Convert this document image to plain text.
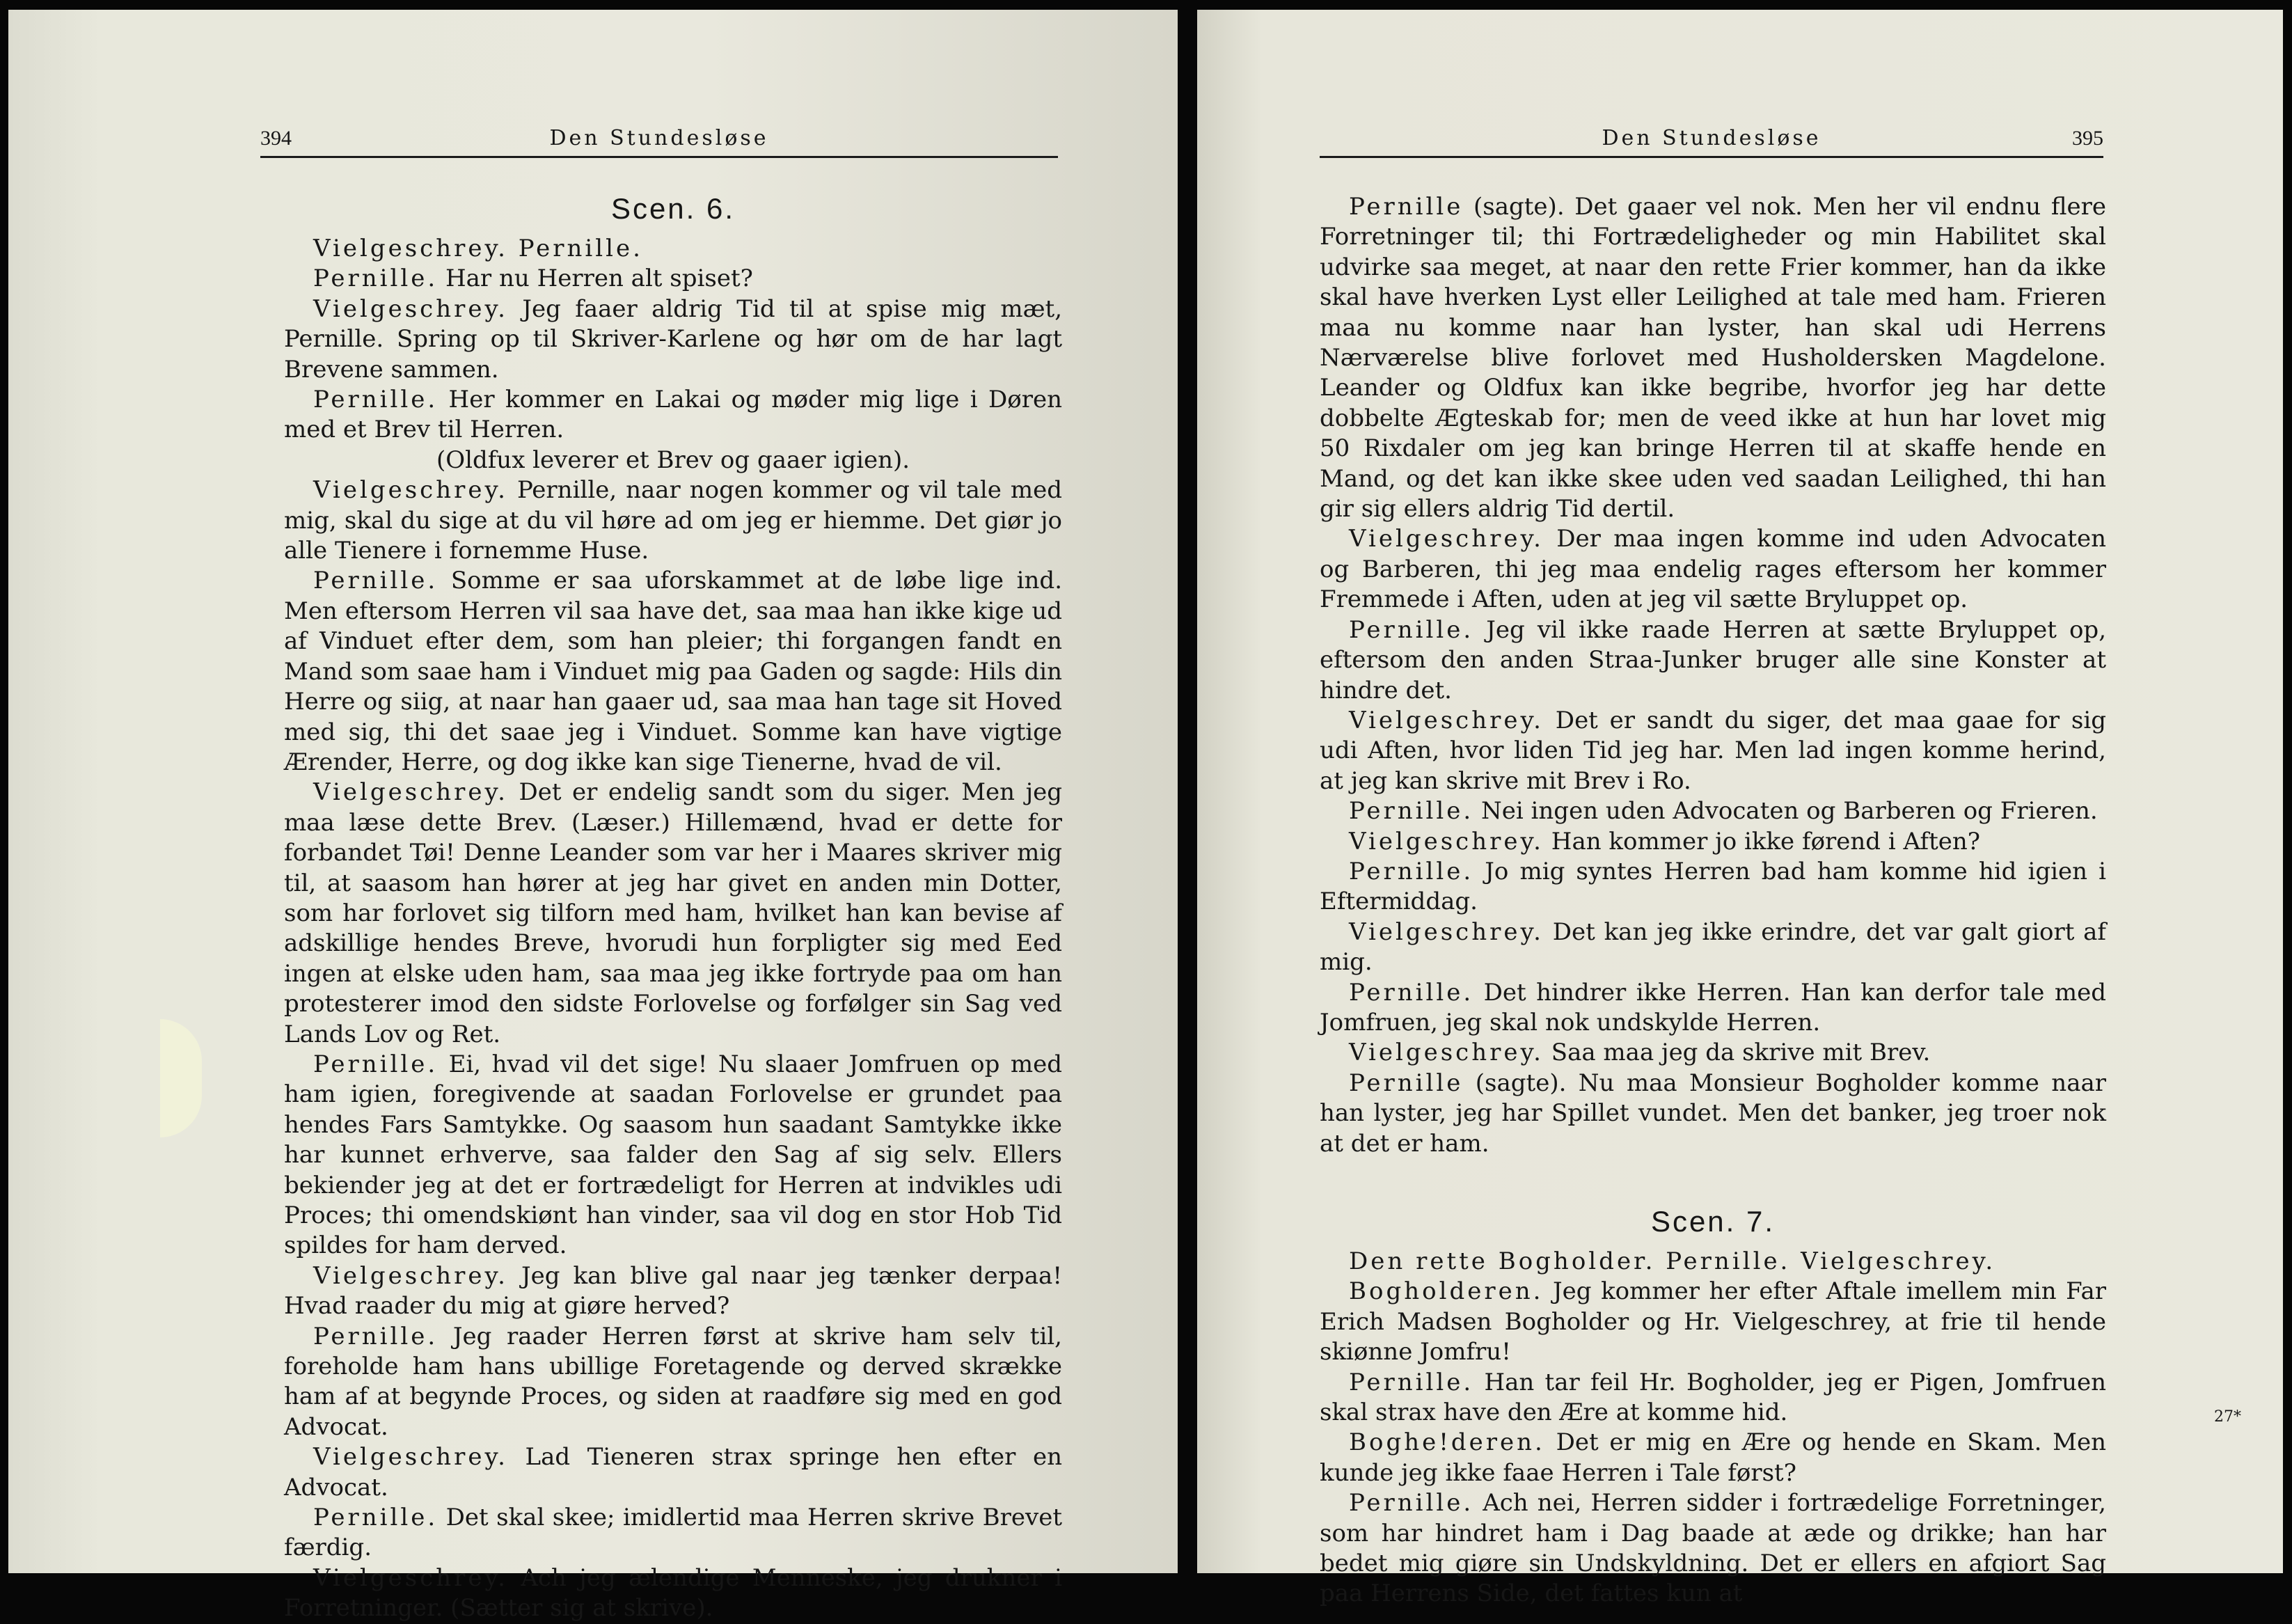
394	Den Stundesløse
Scen. 6.

Vielgeschrey. Pernille.

Pernille. Har nu Herren alt spiset?

Vielgeschrey. Jeg faaer aldrig Tid til at spise mig mæt, Pernille. Spring op til Skriver-Karlene og hør om de har lagt Brevene sammen.

Pernille. Her kommer en Lakai og møder mig lige i Døren med et Brev til Herren.

(Oldfux leverer et Brev og gaaer igien).

Vielgeschrey. Pernille, naar nogen kommer og vil tale med mig, skal du sige at du vil høre ad om jeg er hiemme. Det giør jo alle Tienere i fornemme Huse.

Pernille. Somme er saa uforskammet at de løbe lige ind. Men eftersom Herren vil saa have det, saa maa han ikke kige ud af Vinduet efter dem, som han pleier; thi forgangen fandt en Mand som saae ham i Vinduet mig paa Gaden og sagde: Hils din Herre og siig, at naar han gaaer ud, saa maa han tage sit Hoved med sig, thi det saae jeg i Vinduet. Somme kan have vigtige Ærender, Herre, og dog ikke kan sige Tienerne, hvad de vil.

Vielgeschrey. Det er endelig sandt som du siger. Men jeg maa læse dette Brev. (Læser.) Hillemænd, hvad er dette for forbandet Tøi! Denne Leander som var her i Maares skriver mig til, at saasom han hører at jeg har givet en anden min Dotter, som har forlovet sig tilforn med ham, hvilket han kan bevise af adskillige hendes Breve, hvorudi hun forpligter sig med Eed ingen at elske uden ham, saa maa jeg ikke fortryde paa om han protesterer imod den sidste Forlovelse og forfølger sin Sag ved Lands Lov og Ret.

Pernille. Ei, hvad vil det sige! Nu slaaer Jomfruen op med ham igien, foregivende at saadan Forlovelse er grundet paa hendes Fars Samtykke. Og saasom hun saadant Samtykke ikke har kunnet erhverve, saa falder den Sag af sig selv. Ellers bekiender jeg at det er fortrædeligt for Herren at indvikles udi Proces; thi omendskiønt han vinder, saa vil dog en stor Hob Tid spildes for ham derved.

Vielgeschrey. Jeg kan blive gal naar jeg tænker derpaa! Hvad raader du mig at giøre herved?

Pernille. Jeg raader Herren først at skrive ham selv til, foreholde ham hans ubillige Foretagende og derved skrække ham af at begynde Proces, og siden at raadføre sig med en god Advocat.

Vielgeschrey. Lad Tieneren strax springe hen efter en Advocat.

Pernille. Det skal skee; imidlertid maa Herren skrive Brevet færdig.

Vielgeschrey. Ach jeg ælendige Menneske, jeg drukner i Forretninger. (Sætter sig at skrive).

Den Stundesløse	395

Pernille (sagte). Det gaaer vel nok. Men her vil endnu flere Forretninger til; thi Fortrædeligheder og min Habilitet skal udvirke saa meget, at naar den rette Frier kommer, han da ikke skal have hverken Lyst eller Leilighed at tale med ham. Frieren maa nu komme naar han lyster, han skal udi Herrens Nærværelse blive forlovet med Husholdersken Magdelone. Leander og Oldfux kan ikke begribe, hvorfor jeg har dette dobbelte Ægteskab for; men de veed ikke at hun har lovet mig 50 Rixdaler om jeg kan bringe Herren til at skaffe hende en Mand, og det kan ikke skee uden ved saadan Leilighed, thi han gir sig ellers aldrig Tid dertil.

Vielgeschrey. Der maa ingen komme ind uden Advocaten og Barberen, thi jeg maa endelig rages eftersom her kommer Fremmede i Aften, uden at jeg vil sætte Bryluppet op.

Pernille. Jeg vil ikke raade Herren at sætte Bryluppet op, eftersom den anden Straa-Junker bruger alle sine Konster at hindre det.

Vielgeschrey. Det er sandt du siger, det maa gaae for sig udi Aften, hvor liden Tid jeg har. Men lad ingen komme herind, at jeg kan skrive mit Brev i Ro.

Pernille. Nei ingen uden Advocaten og Barberen og Frieren.

Vielgeschrey. Han kommer jo ikke førend i Aften?

Pernille. Jo mig syntes Herren bad ham komme hid igien i Eftermiddag.

Vielgeschrey. Det kan jeg ikke erindre, det var galt giort af mig.

Pernille. Det hindrer ikke Herren. Han kan derfor tale med Jomfruen, jeg skal nok undskylde Herren.

Vielgeschrey. Saa maa jeg da skrive mit Brev.

Pernille (sagte). Nu maa Monsieur Bogholder komme naar han lyster, jeg har Spillet vundet. Men det banker, jeg troer nok at det er ham.

Scen. 7.

Den rette Bogholder. Pernille. Vielgeschrey.

Bogholderen. Jeg kommer her efter Aftale imellem min Far Erich Madsen Bogholder og Hr. Vielgeschrey, at frie til hende skiønne Jomfru!

Pernille. Han tar feil Hr. Bogholder, jeg er Pigen, Jomfruen skal strax have den Ære at komme hid.

Boghe!deren. Det er mig en Ære og hende en Skam. Men kunde jeg ikke faae Herren i Tale først?

Pernille. Ach nei, Herren sidder i fortrædelige Forretninger, som har hindret ham i Dag baade at æde og drikke; han har bedet mig giøre sin Undskyldning. Det er ellers en afgiort Sag paa Herrens Side, det fattes kun at

27*
